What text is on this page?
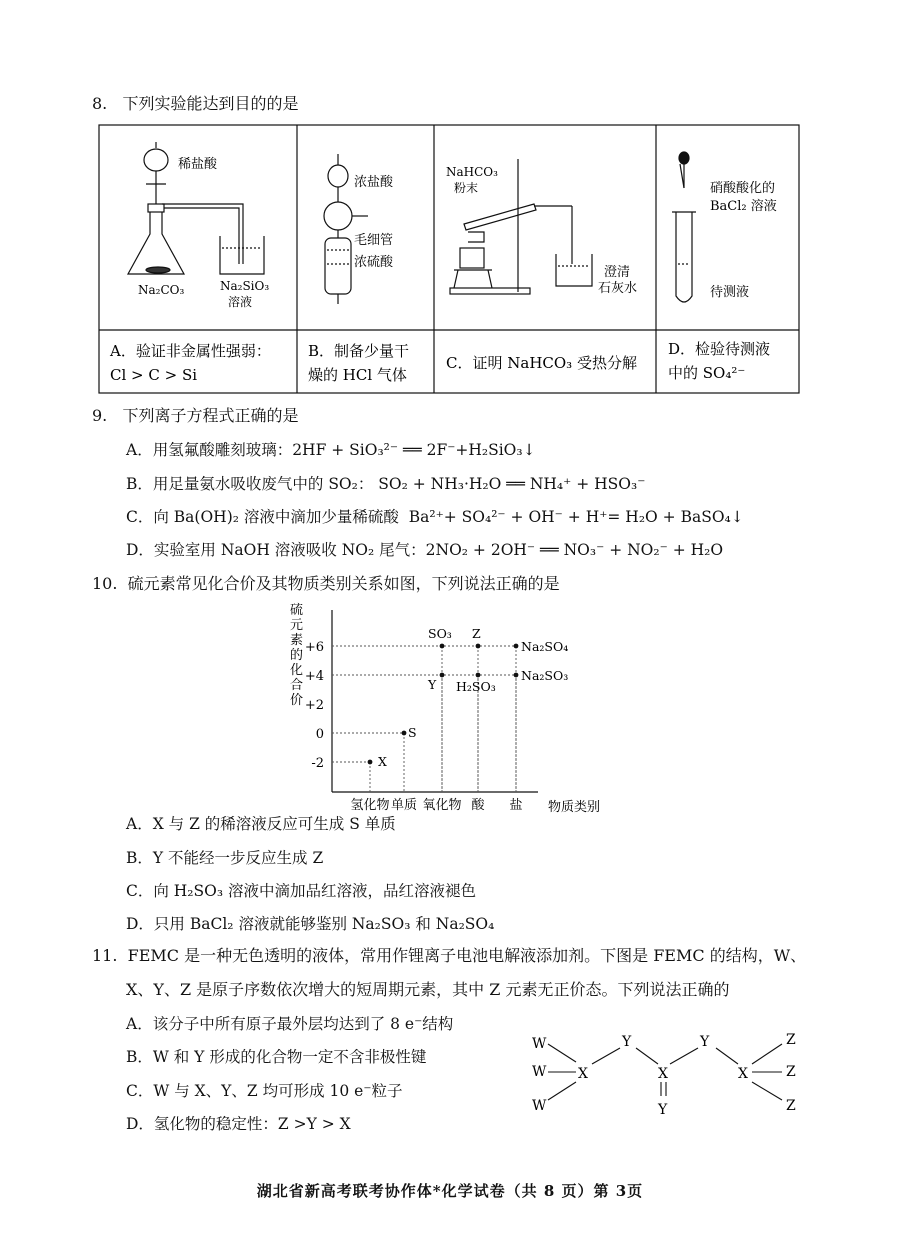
8.   下列实验能达到目的的是
稀盐酸
Na₂CO₃	Na₂SiO₃
溶液
浓盐酸
毛细管
浓硫酸
NaHCO₃
粉末
澄清
石灰水
硝酸酸化的
BaCl₂ 溶液
待测液
A．验证非金属性强弱：
Cl > C > Si
B．制备少量干
燥的 HCl 气体
C．证明 NaHCO₃ 受热分解
D．检验待测液
中的 SO₄²⁻
9.   下列离子方程式正确的是
A．用氢氟酸雕刻玻璃：2HF + SiO₃²⁻ ══ 2F⁻+H₂SiO₃↓
B．用足量氨水吸收废气中的 SO₂： SO₂ + NH₃·H₂O ══ NH₄⁺ + HSO₃⁻
C．向 Ba(OH)₂ 溶液中滴加少量稀硫酸  Ba²⁺+ SO₄²⁻ + OH⁻ + H⁺= H₂O + BaSO₄↓
D．实验室用 NaOH 溶液吸收 NO₂ 尾气：2NO₂ + 2OH⁻ ══ NO₃⁻ + NO₂⁻ + H₂O
10.  硫元素常见化合价及其物质类别关系如图，下列说法正确的是
硫
元
素
的
化
合
价
+6
+4
+2
0
-2
氢化物 单质 氧化物 酸 盐
X
S
SO₃
Y
Z
H₂SO₃
Na₂SO₄
Na₂SO₃
物质类别
A．X 与 Z 的稀溶液反应可生成 S 单质
B．Y 不能经一步反应生成 Z
C．向 H₂SO₃ 溶液中滴加品红溶液，品红溶液褪色
D．只用 BaCl₂ 溶液就能够鉴别 Na₂SO₃ 和 Na₂SO₄
11.  FEMC 是一种无色透明的液体，常用作锂离子电池电解液添加剂。下图是 FEMC 的结构，W、
X、Y、Z 是原子序数依次增大的短周期元素，其中 Z 元素无正价态。下列说法正确的
A．该分子中所有原子最外层均达到了 8 e⁻结构
B．W 和 Y 形成的化合物一定不含非极性键
C．W 与 X、Y、Z 均可形成 10 e⁻粒子
D．氢化物的稳定性：Z >Y > X
W
W
W
X
Y
X
Y
Y
X
Z
Z
Z
湖北省新高考联考协作体*化学试卷（共 8 页）第 3页
